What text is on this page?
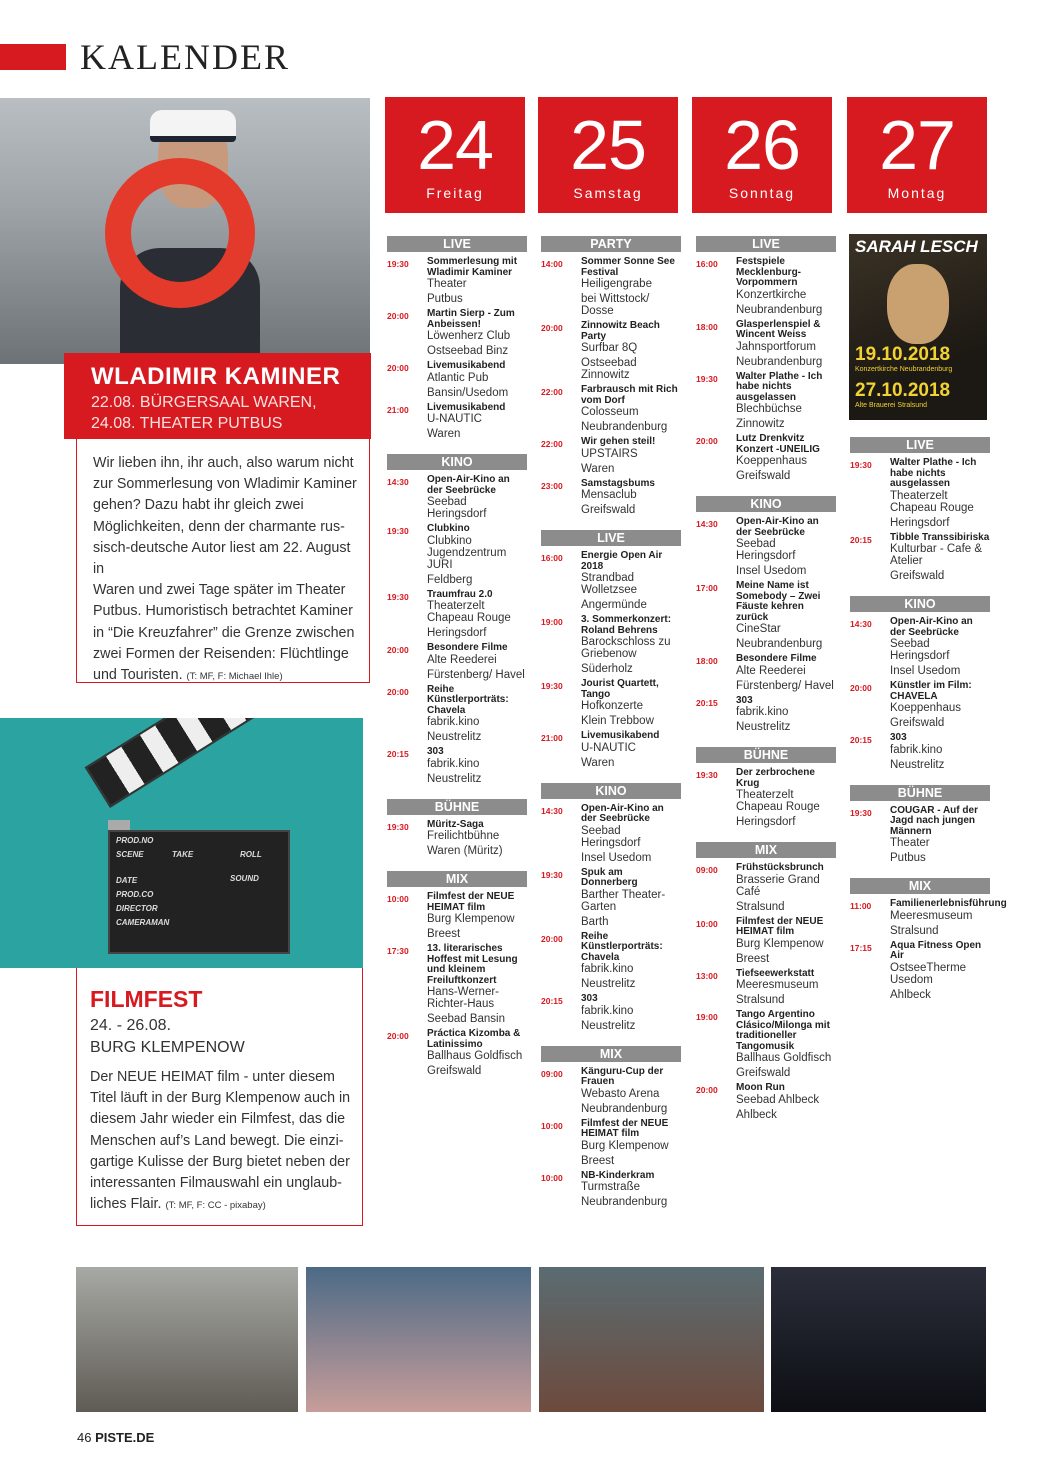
KALENDER
WLADIMIR KAMINER
22.08. BÜRGERSAAL WAREN,
24.08. THEATER PUTBUS
Wir lieben ihn, ihr auch, also warum nicht
zur Sommerlesung von Wladimir Kaminer
gehen? Dazu habt ihr gleich zwei
Möglichkeiten, denn der charmante rus-
sisch-deutsche Autor liest am 22. August in
Waren und zwei Tage später im Theater
Putbus. Humoristisch betrachtet Kaminer
in “Die Kreuzfahrer” die Grenze zwischen
zwei Formen der Reisenden: Flüchtlinge
und Touristen. (T: MF, F: Michael Ihle)
PROD.NO
SCENE	TAKE	ROLL
DATE	SOUND
PROD.CO
DIRECTOR
CAMERAMAN
FILMFEST
24. - 26.08.
BURG KLEMPENOW
Der NEUE HEIMAT film - unter diesem
Titel läuft in der Burg Klempenow auch in
diesem Jahr wieder ein Filmfest, das die
Menschen auf’s Land bewegt. Die einzi-
gartige Kulisse der Burg bietet neben der
interessanten Filmauswahl ein unglaub-
liches Flair. (T: MF, F: CC - pixabay)
24
Freitag
25
Samstag
26
Sonntag
27
Montag
SARAH LESCH
19.10.2018
Konzertkirche Neubrandenburg
27.10.2018
Alte Brauerei Stralsund
LIVE
19:30 Sommerlesung mit Wladimir Kaminer
Theater
Putbus
20:00 Martin Sierp - Zum Anbeissen!
Löwenherz Club
Ostseebad Binz
20:00 Livemusikabend
Atlantic Pub
Bansin/Usedom
21:00 Livemusikabend
U-NAUTIC
Waren
KINO
14:30 Open-Air-Kino an der Seebrücke
Seebad Heringsdorf
19:30 Clubkino
Clubkino Jugendzentrum JURI
Feldberg
19:30 Traumfrau 2.0
Theaterzelt Chapeau Rouge
Heringsdorf
20:00 Besondere Filme
Alte Reederei
Fürstenberg/ Havel
20:00 Reihe Künstlerporträts: Chavela
fabrik.kino
Neustrelitz
20:15 303
fabrik.kino
Neustrelitz
BÜHNE
19:30 Müritz-Saga
Freilichtbühne
Waren (Müritz)
MIX
10:00 Filmfest der NEUE HEIMAT film
Burg Klempenow
Breest
17:30 13. literarisches Hoffest mit Lesung und kleinem Freiluftkonzert
Hans-Werner-Richter-Haus
Seebad Bansin
20:00 Práctica Kizomba & Latinissimo
Ballhaus Goldfisch
Greifswald
PARTY
14:00 Sommer Sonne See Festival
Heiligengrabe
bei Wittstock/ Dosse
20:00 Zinnowitz Beach Party
Surfbar 8Q
Ostseebad Zinnowitz
22:00 Farbrausch mit Rich vom Dorf
Colosseum
Neubrandenburg
22:00 Wir gehen steil!
UPSTAIRS
Waren
23:00 Samstagsbums
Mensaclub
Greifswald
LIVE
16:00 Energie Open Air 2018
Strandbad Wolletzsee
Angermünde
19:00 3. Sommerkonzert: Roland Behrens
Barockschloss zu Griebenow
Süderholz
19:30 Jourist Quartett, Tango
Hofkonzerte
Klein Trebbow
21:00 Livemusikabend
U-NAUTIC
Waren
KINO
14:30 Open-Air-Kino an der Seebrücke
Seebad Heringsdorf
Insel Usedom
19:30 Spuk am Donnerberg
Barther Theater-Garten
Barth
20:00 Reihe Künstlerporträts: Chavela
fabrik.kino
Neustrelitz
20:15 303
fabrik.kino
Neustrelitz
MIX
09:00 Känguru-Cup der Frauen
Webasto Arena
Neubrandenburg
10:00 Filmfest der NEUE HEIMAT film
Burg Klempenow
Breest
10:00 NB-Kinderkram
Turmstraße
Neubrandenburg
LIVE
16:00 Festspiele Mecklenburg-Vorpommern
Konzertkirche
Neubrandenburg
18:00 Glasperlenspiel & Wincent Weiss
Jahnsportforum
Neubrandenburg
19:30 Walter Plathe - Ich habe nichts ausgelassen
Blechbüchse
Zinnowitz
20:00 Lutz Drenkvitz Konzert -UNEILIG
Koeppenhaus
Greifswald
KINO
14:30 Open-Air-Kino an der Seebrücke
Seebad Heringsdorf
Insel Usedom
17:00 Meine Name ist Somebody – Zwei Fäuste kehren zurück
CineStar
Neubrandenburg
18:00 Besondere Filme
Alte Reederei
Fürstenberg/ Havel
20:15 303
fabrik.kino
Neustrelitz
BÜHNE
19:30 Der zerbrochene Krug
Theaterzelt Chapeau Rouge
Heringsdorf
MIX
09:00 Frühstücksbrunch
Brasserie Grand Café
Stralsund
10:00 Filmfest der NEUE HEIMAT film
Burg Klempenow
Breest
13:00 Tiefseewerkstatt
Meeresmuseum
Stralsund
19:00 Tango Argentino Clásico/Milonga mit traditioneller Tangomusik
Ballhaus Goldfisch
Greifswald
20:00 Moon Run
Seebad Ahlbeck
Ahlbeck
LIVE
19:30 Walter Plathe - Ich habe nichts ausgelassen
Theaterzelt Chapeau Rouge
Heringsdorf
20:15 Tibble Transsibiriska
Kulturbar - Cafe & Atelier
Greifswald
KINO
14:30 Open-Air-Kino an der Seebrücke
Seebad Heringsdorf
Insel Usedom
20:00 Künstler im Film: CHAVELA
Koeppenhaus
Greifswald
20:15 303
fabrik.kino
Neustrelitz
BÜHNE
19:30 COUGAR - Auf der Jagd nach jungen Männern
Theater
Putbus
MIX
11:00 Familienerlebnisführung
Meeresmuseum
Stralsund
17:15 Aqua Fitness Open Air
OstseeTherme Usedom
Ahlbeck
46 PISTE.DE
